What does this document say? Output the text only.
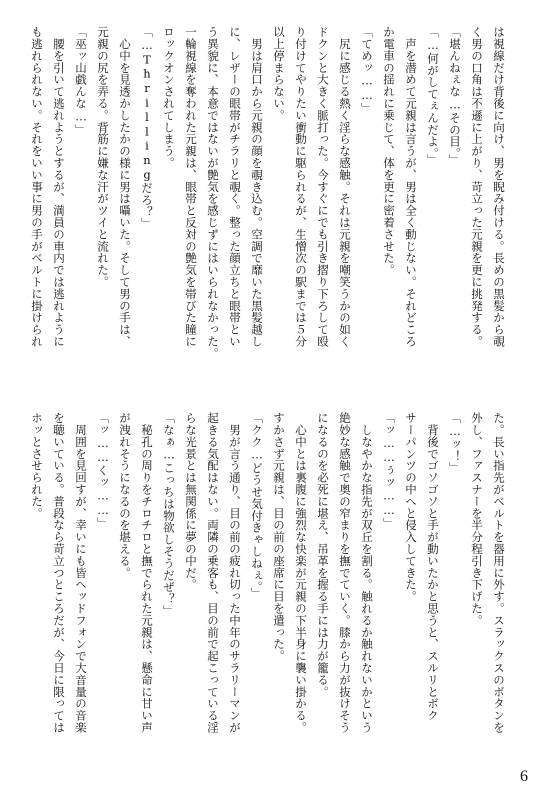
は視線だけ背後に向け、男を睨み付ける。長めの黒髪から覗
く男の口角は不遜に上がり、苛立った元親を更に挑発する。
「堪んねぇな…その目。」
「…何がしてぇんだよ。」
　声を潜めて元親は言うが、男は全く動じない。それどころ
か電車の揺れに乗じて、体を更に密着させた。
「てめッ……」
　尻に感じる熱く淫らな感触。それは元親を嘲笑うかの如く
ドクンと大きく脈打った。今すぐにでも引き摺り下ろして殴
り付けてやりたい衝動に駆られるが、生憎次の駅までは５分
以上停まらない。
　男は肩口から元親の顔を覗き込む。空調で靡いた黒髪越し
に、レザーの眼帯がチラリと覗く。整った顔立ちと眼帯とい
う異貌に、本意ではないが艶気を感じずにはいられなかった。
一輪視線を奪われた元親は、眼帯と反対の艶気を帯びた瞳に
ロックオンされてしまう。
「…Thrillingだろ？」
　心中を見透かしたかの様に男は囁いた。そして男の手は、
元親の尻を弄る。背筋に嫌な汗がツイと流れた。
「巫ッ山戯んな…」
　腰を引いて逃れようとするが、満員の車内では逃れように
も逃れられない。それをいい事に男の手がベルトに掛けられ
た。長い指先がベルトを器用に外す。スラックスのボタンを
外し、ファスナーを半分程引き下げた。
「…ッ！」
　背後でゴソゴソと手が動いたかと思うと、スルリとボク
サーパンツの中へと侵入してきた。
「ッ……ぅッ……」
　しなやかな指先が双丘を割る。触れるか触れないかという
絶妙な感触で奥の窄まりを撫でていく。膝から力が抜けそう
になるのを必死に堪え、吊革を握る手には力が籠る。
　心中とは裏腹に強烈な快楽が元親の下半身に襲い掛かる。
すかさず元親は、目の前の座席に目を遣った。
「クク…どうせ気付きゃしねぇ。」
　男が言う通り、目の前の疲れ切った中年のサラリーマンが
起きる気配はない。両隣の乗客も、目の前で起こっている淫
らな光景とは無関係に夢の中だ。
「なぁ…こっちは物欲しそうだぜ？」
　秘孔の周りをチロチロと撫でられた元親は、懸命に甘い声
が洩れそうになるのを堪える。
「ッ……くッ……」
　周囲を見回すが、幸いにも皆ヘッドフォンで大音量の音楽
を聴いている。普段なら苛立つところだが、今日に限っては
ホッとさせられた。
6
